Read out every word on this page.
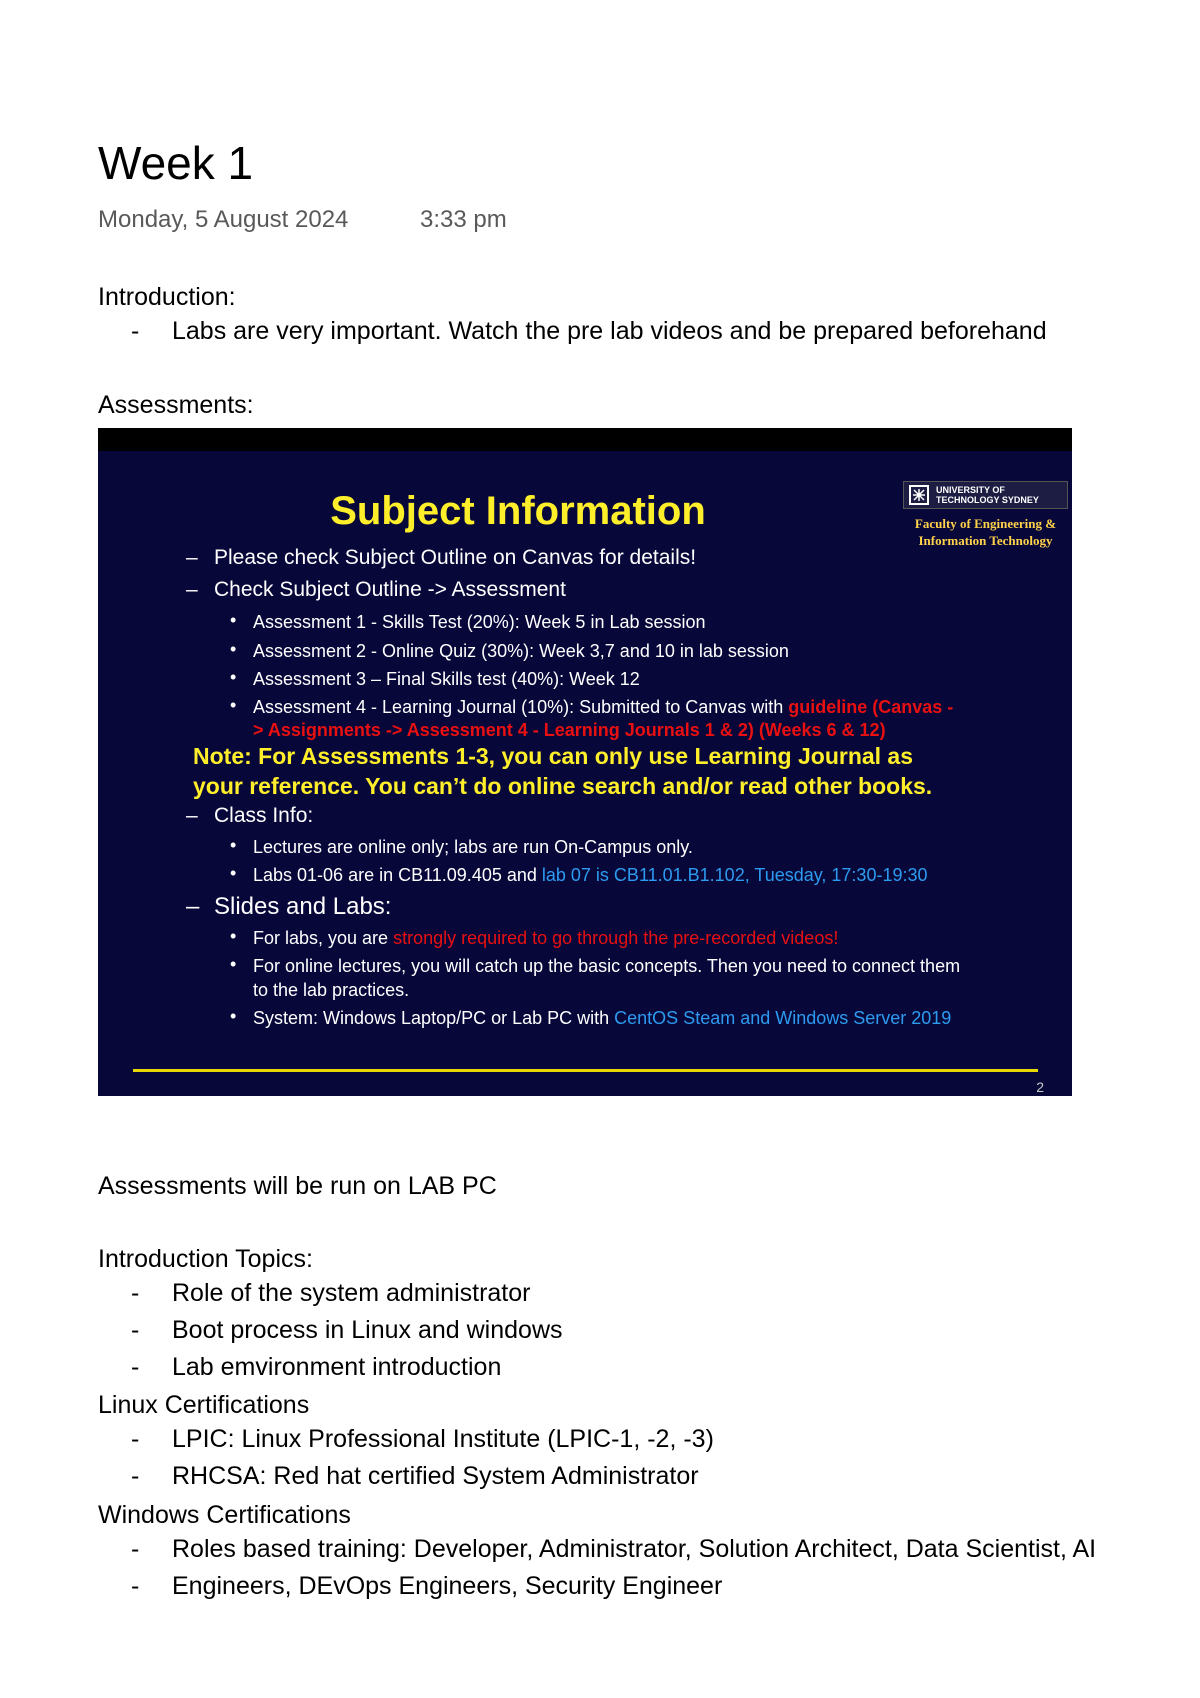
Week 1
Monday, 5 August 2024	3:33 pm
Introduction:
- Labs are very important. Watch the pre lab videos and be prepared beforehand
Assessments:
Subject Information	UNIVERSITY OF
TECHNOLOGY SYDNEY
Faculty of Engineering &
Information Technology
– Please check Subject Outline on Canvas for details!
– Check Subject Outline -> Assessment
• Assessment 1 - Skills Test (20%): Week 5 in Lab session
• Assessment 2 - Online Quiz (30%): Week 3,7 and 10 in lab session
• Assessment 3 – Final Skills test (40%): Week 12
• Assessment 4 - Learning Journal (10%): Submitted to Canvas with guideline (Canvas -
> Assignments -> Assessment 4 - Learning Journals 1 & 2) (Weeks 6 & 12)
Note: For Assessments 1-3, you can only use Learning Journal as
your reference. You can’t do online search and/or read other books.
– Class Info:
• Lectures are online only; labs are run On-Campus only.
• Labs 01-06 are in CB11.09.405 and lab 07 is CB11.01.B1.102, Tuesday, 17:30-19:30
– Slides and Labs:
• For labs, you are strongly required to go through the pre-recorded videos!
• For online lectures, you will catch up the basic concepts. Then you need to connect them
to the lab practices.
• System: Windows Laptop/PC or Lab PC with CentOS Steam and Windows Server 2019
2
Assessments will be run on LAB PC
Introduction Topics:
- Role of the system administrator
- Boot process in Linux and windows
- Lab emvironment introduction
Linux Certifications
- LPIC: Linux Professional Institute (LPIC-1, -2, -3)
- RHCSA: Red hat certified System Administrator
Windows Certifications
- Roles based training: Developer, Administrator, Solution Architect, Data Scientist, AI
- Engineers, DEvOps Engineers, Security Engineer
